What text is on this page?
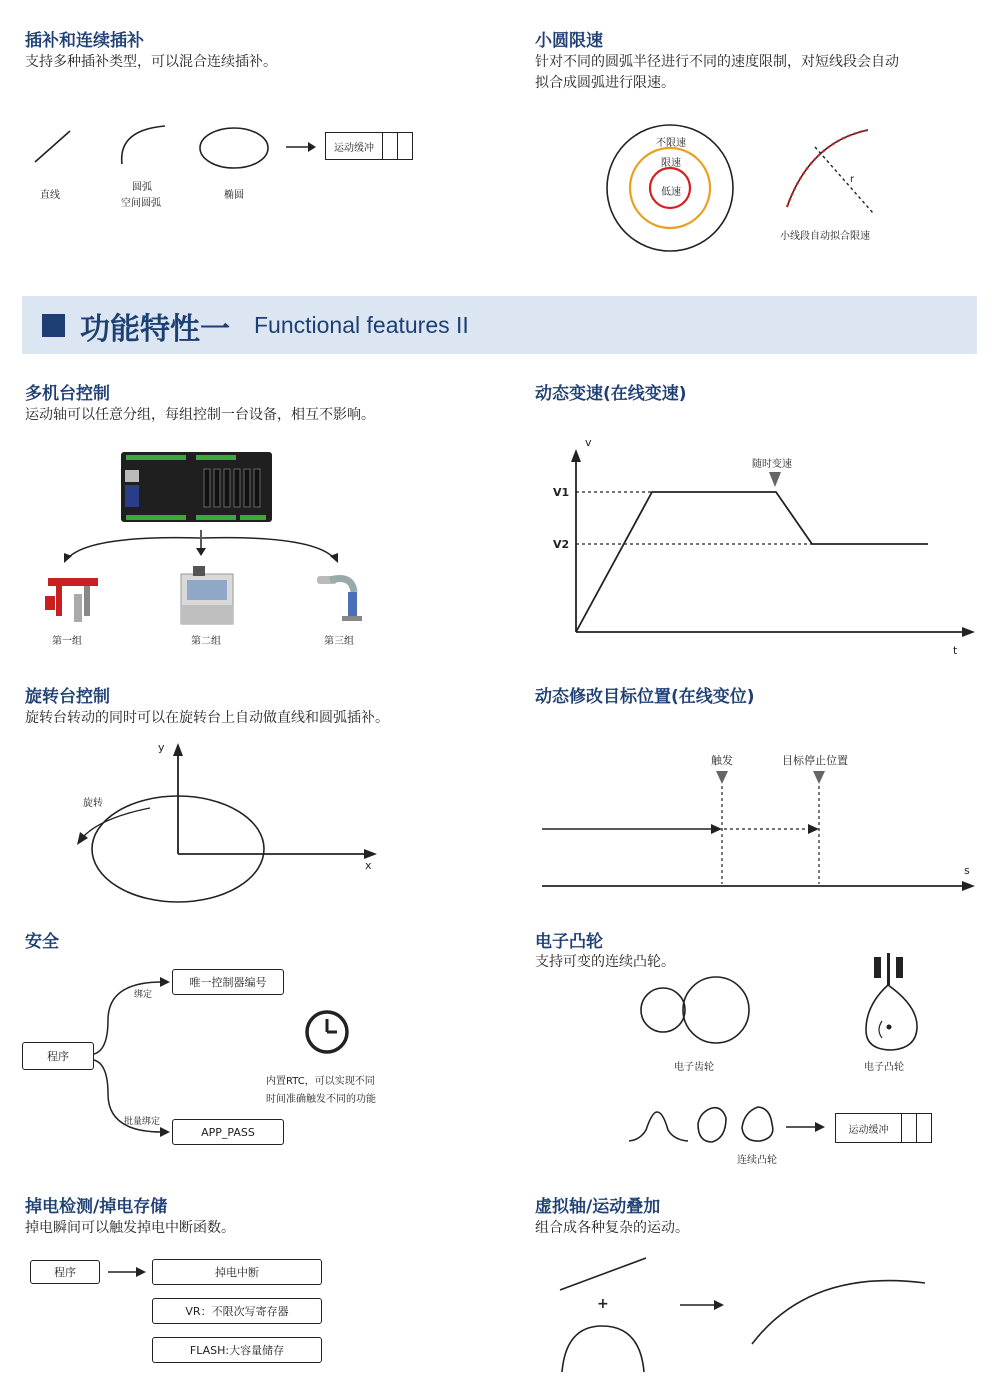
插补和连续插补
支持多种插补类型，可以混合连续插补。
直线
圆弧
空间圆弧
椭圆
运动缓冲
小圆限速
针对不同的圆弧半径进行不同的速度限制，对短线段会自动
拟合成圆弧进行限速。
不限速
限速
低速
r
小线段自动拟合限速
功能特性一 Functional features II
多机台控制
运动轴可以任意分组，每组控制一台设备，相互不影响。
第一组	第二组	第三组
动态变速(在线变速)
v
t
V1
V2
随时变速
旋转台控制
旋转台转动的同时可以在旋转台上自动做直线和圆弧插补。
y
x
旋转
动态修改目标位置(在线变位)
触发	目标停止位置
s
安全
程序
绑定
批量绑定
唯一控制器编号
APP_PASS
内置RTC，可以实现不同
时间准确触发不同的功能
电子凸轮
支持可变的连续凸轮。
电子齿轮	电子凸轮
连续凸轮
运动缓冲
掉电检测/掉电存储
掉电瞬间可以触发掉电中断函数。
程序	掉电中断
VR：不限次写寄存器
FLASH:大容量储存
虚拟轴/运动叠加
组合成各种复杂的运动。
+
